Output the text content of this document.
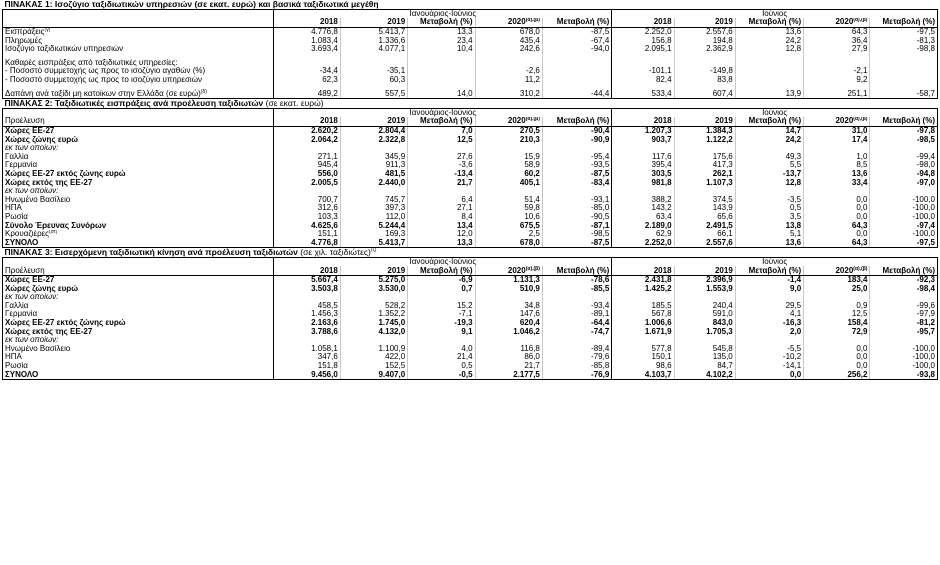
ΠΙΝΑΚΑΣ 1: Ισοζύγιο ταξιδιωτικών υπηρεσιών (σε εκατ. ευρώ) και βασικά ταξιδιωτικά μεγέθη										
	Ιανουάριος-Ιούνιος					Ιούνιος				
	2018	2019	Μεταβολή (%)	$2020^{(\alpha),(\beta)}$	Μεταβολή (%)	2018	2019	Μεταβολή (%)	$2020^{(\alpha),(\beta)}$	Μεταβολή (%)
Εισπράξεις$^{(\gamma)}$	4.776,8	5.413,7	13,3	678,0	-87,5	2.252,0	2.557,6	13,6	64,3	-97,5
Πληρωμές	1.083,4	1.336,6	23,4	435,4	-67,4	156,8	194,8	24,2	36,4	-81,3
Ισοζύγιο ταξιδιωτικών υπηρεσιών	3.693,4	4.077,1	10,4	242,6	-94,0	2.095,1	2.362,9	12,8	27,9	-98,8

Καθαρές εισπράξεις από ταξιδιωτικές υπηρεσίες:										
- Ποσοστό συμμετοχής ως προς το ισοζύγιο αγαθών (%)	-34,4	-35,1		-2,6		-101,1	-149,8		-2,1	
- Ποσοστό συμμετοχής ως προς το ισοζύγιο υπηρεσιών	62,3	60,3		11,2		82,4	83,8		9,2	

Δαπάνη ανά ταξίδι μη κατοίκων στην Ελλάδα (σε ευρώ)$^{(\delta)}$	489,2	557,5	14,0	310,2	-44,4	533,4	607,4	13,9	251,1	-58,7
ΠΙΝΑΚΑΣ 2: Ταξιδιωτικές εισπράξεις ανά προέλευση ταξιδιωτών (σε εκατ. ευρώ)										
	Ιανουάριος-Ιούνιος					Ιούνιος				
Προέλευση	2018	2019	Μεταβολή (%)	$2020^{(\alpha),(\beta)}$	Μεταβολή (%)	2018	2019	Μεταβολή (%)	$2020^{(\alpha),(\beta)}$	Μεταβολή (%)
Χώρες ΕΕ-27	2.620,2	2.804,4	7,0	270,5	-90,4	1.207,3	1.384,3	14,7	31,0	-97,8
Χώρες ζώνης ευρώ	2.064,2	2.322,8	12,5	210,3	-90,9	903,7	1.122,2	24,2	17,4	-98,5
εκ των οποίων:										
Γαλλία	271,1	345,9	27,6	15,9	-95,4	117,6	175,6	49,3	1,0	-99,4
Γερμανία	945,4	911,3	-3,6	58,9	-93,5	395,4	417,3	5,5	8,5	-98,0
Χώρες ΕΕ-27 εκτός ζώνης ευρώ	556,0	481,5	-13,4	60,2	-87,5	303,5	262,1	-13,7	13,6	-94,8
Χώρες εκτός της ΕΕ-27	2.005,5	2.440,0	21,7	405,1	-83,4	981,8	1.107,3	12,8	33,4	-97,0
εκ των οποίων:										
Ηνωμένο Βασίλειο	700,7	745,7	6,4	51,4	-93,1	388,2	374,5	-3,5	0,0	-100,0
ΗΠΑ	312,6	397,3	27,1	59,8	-85,0	143,2	143,9	0,5	0,0	-100,0
Ρωσία	103,3	112,0	8,4	10,6	-90,5	63,4	65,6	3,5	0,0	-100,0
Σύνολο Έρευνας Συνόρων	4.625,6	5.244,4	13,4	675,5	-87,1	2.189,0	2.491,5	13,8	64,3	-97,4
Κρουαζιέρες$^{(\sigma\tau)}$	151,1	169,3	12,0	2,5	-98,5	62,9	66,1	5,1	0,0	-100,0
ΣΥΝΟΛΟ	4.776,8	5.413,7	13,3	678,0	-87,5	2.252,0	2.557,6	13,6	64,3	-97,5
ΠΙΝΑΚΑΣ 3: Εισερχόμενη ταξιδιωτική κίνηση ανά προέλευση ταξιδιωτών (σε χιλ. ταξιδιώτες)$^{(\zeta)}$
	Ιανουάριος-Ιούνιος					Ιούνιος				
Προέλευση	2018	2019	Μεταβολή (%)	$2020^{(\alpha),(\beta)}$	Μεταβολή (%)	2018	2019	Μεταβολή (%)	$2020^{(\alpha),(\beta)}$	Μεταβολή (%)
Χώρες ΕΕ-27	5.667,4	5.275,0	-6,9	1.131,3	-78,6	2.431,8	2.396,9	-1,4	183,4	-92,3
Χώρες ζώνης ευρώ	3.503,8	3.530,0	0,7	510,9	-85,5	1.425,2	1.553,9	9,0	25,0	-98,4
εκ των οποίων:										
Γαλλία	458,5	528,2	15,2	34,8	-93,4	185,5	240,4	29,5	0,9	-99,6
Γερμανία	1.456,3	1.352,2	-7,1	147,6	-89,1	567,8	591,0	4,1	12,5	-97,9
Χώρες ΕΕ-27 εκτός ζώνης ευρώ	2.163,6	1.745,0	-19,3	620,4	-64,4	1.006,6	843,0	-16,3	158,4	-81,2
Χώρες εκτός της ΕΕ-27	3.788,6	4.132,0	9,1	1.046,2	-74,7	1.671,9	1.705,3	2,0	72,9	-95,7
εκ των οποίων:										
Ηνωμένο Βασίλειο	1.058,1	1.100,9	4,0	116,8	-89,4	577,8	545,8	-5,5	0,0	-100,0
ΗΠΑ	347,6	422,0	21,4	86,0	-79,6	150,1	135,0	-10,2	0,0	-100,0
Ρωσία	151,8	152,5	0,5	21,7	-85,8	98,6	84,7	-14,1	0,0	-100,0
ΣΥΝΟΛΟ	9.456,0	9.407,0	-0,5	2.177,5	-76,9	4.103,7	4.102,2	0,0	256,2	-93,8
